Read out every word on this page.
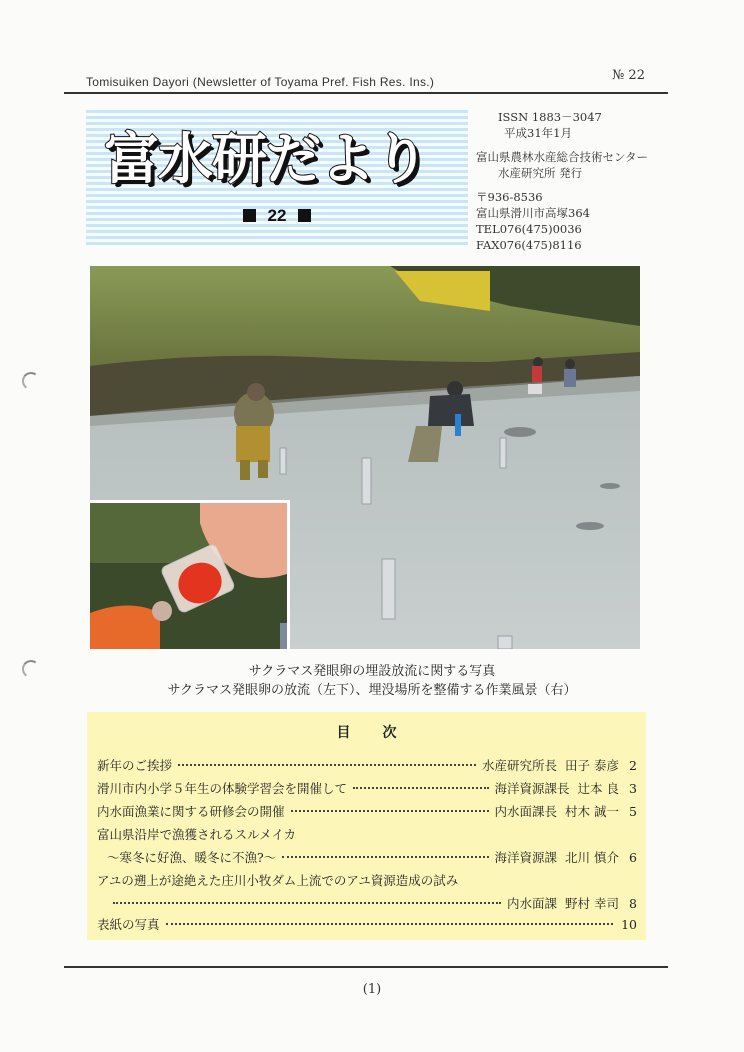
Tomisuiken Dayori (Newsletter of Toyama Pref. Fish Res. Ins.)	№ 22
富水研だより
22
ISSN 1883－3047
平成31年1月
富山県農林水産総合技術センター
水産研究所 発行
〒936-8536
富山県滑川市高塚364
TEL076(475)0036
FAX076(475)8116
サクラマス発眼卵の埋設放流に関する写真
サクラマス発眼卵の放流（左下）、埋没場所を整備する作業風景（右）
目次
新年のご挨拶	水産研究所長 田子 泰彦 2
滑川市内小学５年生の体験学習会を開催して	海洋資源課長 辻本 良 3
内水面漁業に関する研修会の開催	内水面課長 村木 誠一 5
富山県沿岸で漁獲されるスルメイカ
～寒冬に好漁、暖冬に不漁?～	海洋資源課 北川 慎介 6
アユの遡上が途絶えた庄川小牧ダム上流でのアユ資源造成の試み
内水面課 野村 幸司 8
表紙の写真	10
(1)
